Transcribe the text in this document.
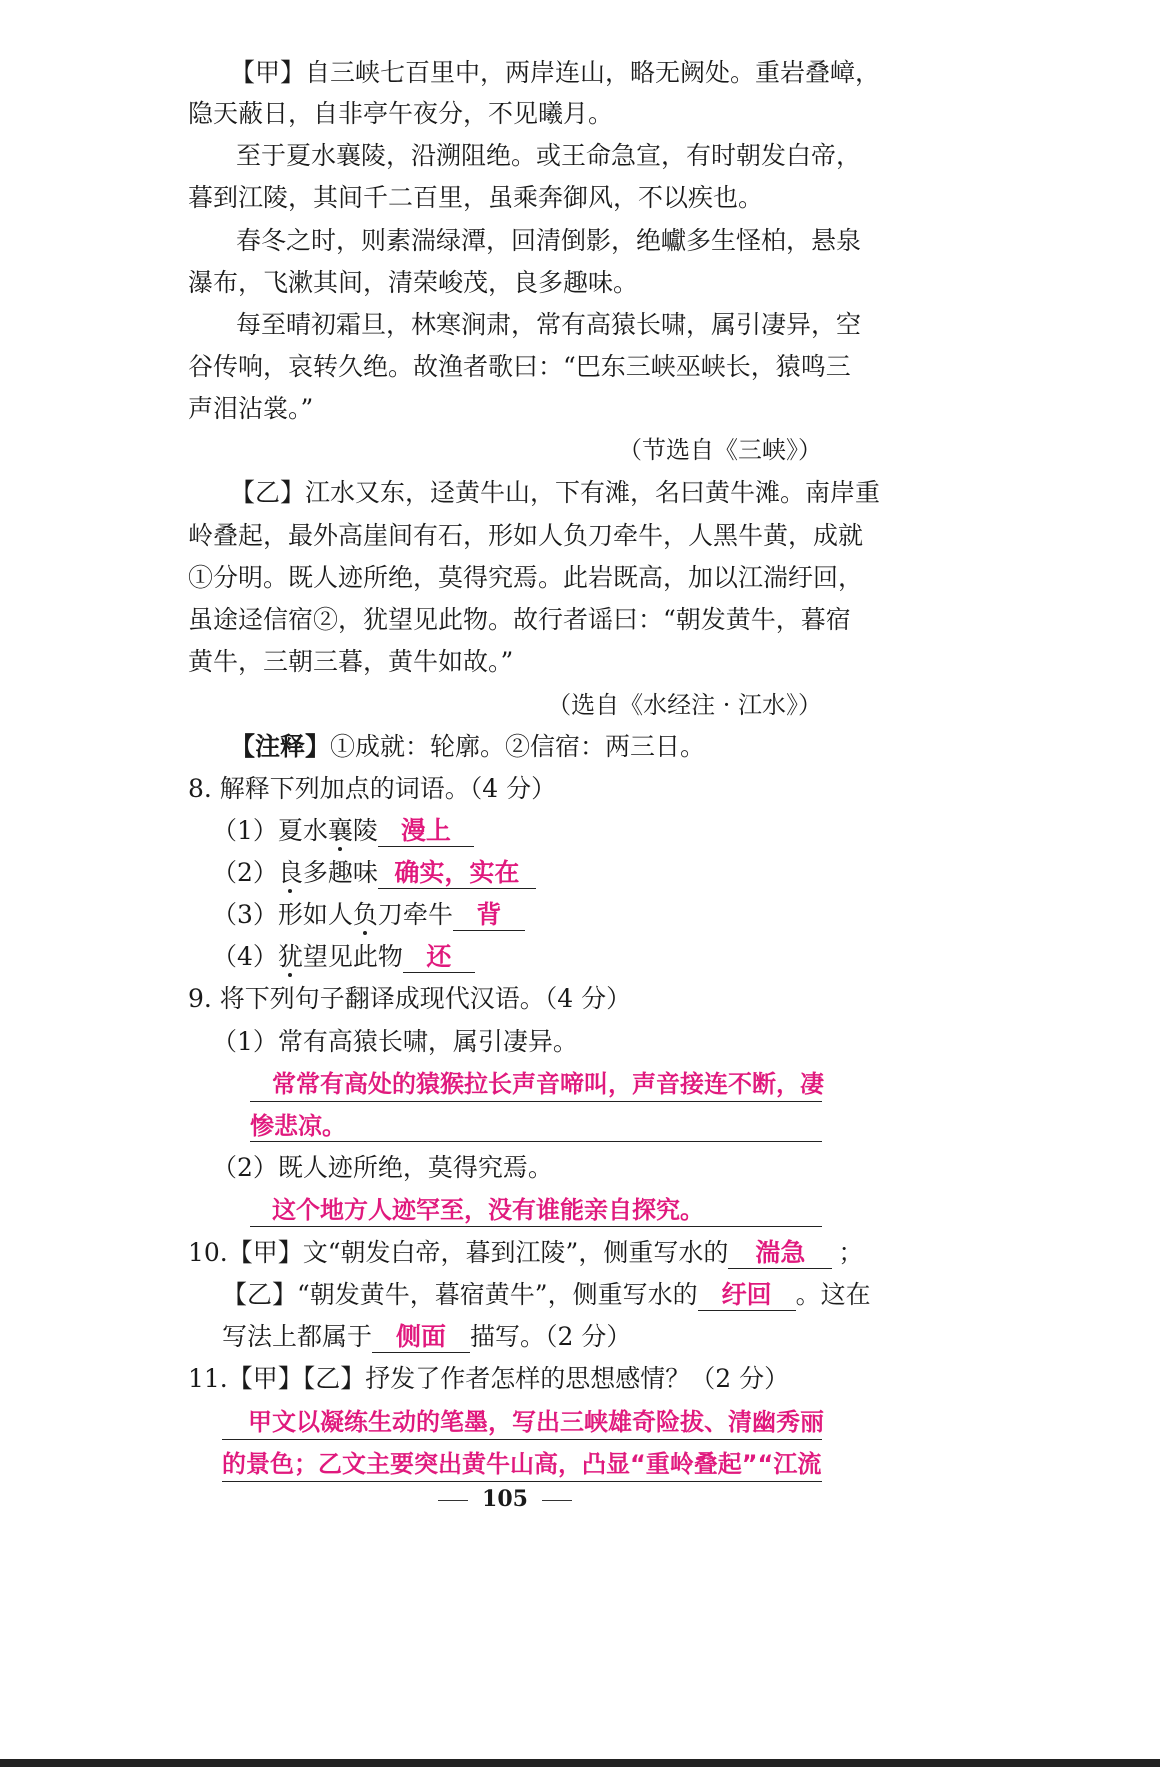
【甲】自三峡七百里中，两岸连山，略无阙处。重岩叠嶂，
隐天蔽日，自非亭午夜分，不见曦月。
至于夏水襄陵，沿溯阻绝。或王命急宣，有时朝发白帝，
暮到江陵，其间千二百里，虽乘奔御风，不以疾也。
春冬之时，则素湍绿潭，回清倒影，绝巘多生怪柏，悬泉
瀑布，飞漱其间，清荣峻茂，良多趣味。
每至晴初霜旦，林寒涧肃，常有高猿长啸，属引凄异，空
谷传响，哀转久绝。故渔者歌曰：“巴东三峡巫峡长，猿鸣三
声泪沾裳。”
（节选自《三峡》）
【乙】江水又东，迳黄牛山，下有滩，名曰黄牛滩。南岸重
岭叠起，最外高崖间有石，形如人负刀牵牛，人黑牛黄，成就
①分明。既人迹所绝，莫得究焉。此岩既高，加以江湍纡回，
虽途迳信宿②，犹望见此物。故行者谣曰：“朝发黄牛，暮宿
黄牛，三朝三暮，黄牛如故。”
（选自《水经注 · 江水》）
【注释】①成就：轮廓。②信宿：两三日。
8. 解释下列加点的词语。（4 分）
（1）夏水襄陵 漫上
（2）良多趣味 确实，实在
（3）形如人负刀牵牛 背
（4）犹望见此物 还
9. 将下列句子翻译成现代汉语。（4 分）
（1）常有高猿长啸，属引凄异。
常常有高处的猿猴拉长声音啼叫，声音接连不断，凄
惨悲凉。
（2）既人迹所绝，莫得究焉。
这个地方人迹罕至，没有谁能亲自探究。
10.【甲】文“朝发白帝，暮到江陵”，侧重写水的 湍急 ；
【乙】“朝发黄牛，暮宿黄牛”，侧重写水的 纡回 。这在
写法上都属于 侧面 描写。（2 分）
11.【甲】【乙】抒发了作者怎样的思想感情？（2 分）
甲文以凝练生动的笔墨，写出三峡雄奇险拔、清幽秀丽
的景色；乙文主要突出黄牛山高，凸显“重岭叠起”“江流
105
